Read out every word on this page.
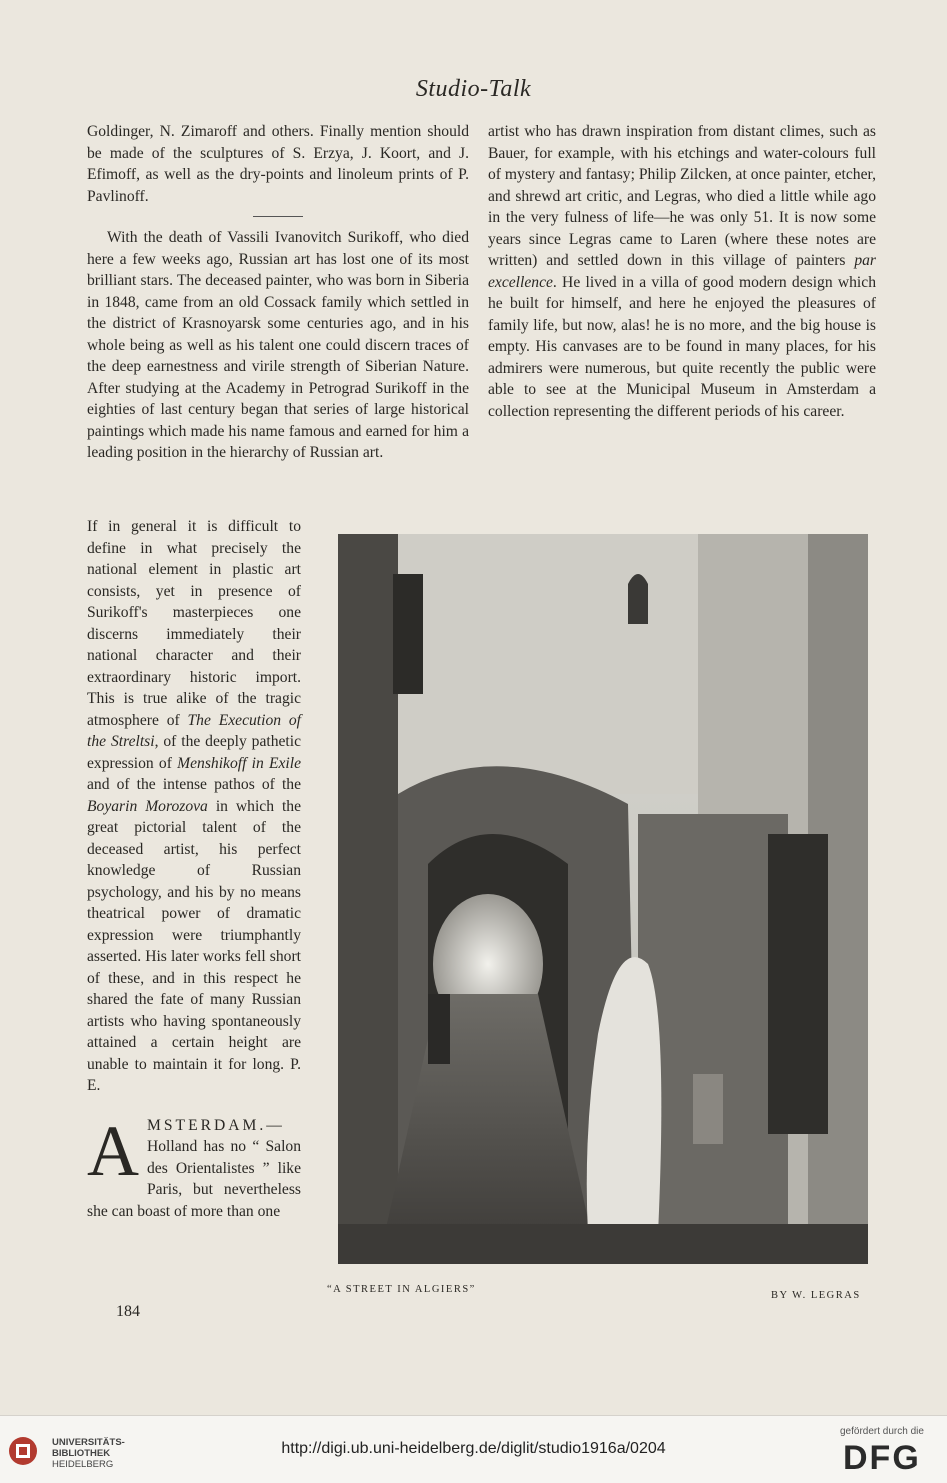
Studio-Talk

Goldinger, N. Zimaroff and others. Finally mention should be made of the sculptures of S. Erzya, J. Koort, and J. Efimoff, as well as the dry-points and linoleum prints of P. Pavlinoff.

With the death of Vassili Ivanovitch Surikoff, who died here a few weeks ago, Russian art has lost one of its most brilliant stars. The deceased painter, who was born in Siberia in 1848, came from an old Cossack family which settled in the district of Krasnoyarsk some centuries ago, and in his whole being as well as his talent one could discern traces of the deep earnestness and virile strength of Siberian Nature. After studying at the Academy in Petrograd Surikoff in the eighties of last century began that series of large historical paintings which made his name famous and earned for him a leading position in the hierarchy of Russian art.

If in general it is difficult to define in what precisely the national element in plastic art consists, yet in presence of Surikoff's masterpieces one discerns immediately their national character and their extraordinary historic import. This is true alike of the tragic atmosphere of The Execution of the Streltsi, of the deeply pathetic expression of Menshikoff in Exile and of the intense pathos of the Boyarin Morozova in which the great pictorial talent of the deceased artist, his perfect knowledge of Russian psychology, and his by no means theatrical power of dramatic expression were triumphantly asserted. His later works fell short of these, and in this respect he shared the fate of many Russian artists who having spontaneously attained a certain height are unable to maintain it for long. P. E.

AMSTERDAM.— Holland has no “ Salon des Orientalistes ” like Paris, but nevertheless she can boast of more than one

artist who has drawn inspiration from distant climes, such as Bauer, for example, with his etchings and water-colours full of mystery and fantasy; Philip Zilcken, at once painter, etcher, and shrewd art critic, and Legras, who died a little while ago in the very fulness of life—he was only 51. It is now some years since Legras came to Laren (where these notes are written) and settled down in this village of painters par excellence. He lived in a villa of good modern design which he built for himself, and here he enjoyed the pleasures of family life, but now, alas! he is no more, and the big house is empty. His canvases are to be found in many places, for his admirers were numerous, but quite recently the public were able to see at the Municipal Museum in Amsterdam a collection representing the different periods of his career.

“A STREET IN ALGIERS”
BY W. LEGRAS
184
UNIVERSITÄTS-
BIBLIOTHEK
HEIDELBERG
http://digi.ub.uni-heidelberg.de/diglit/studio1916a/0204
gefördert durch die
DFG
